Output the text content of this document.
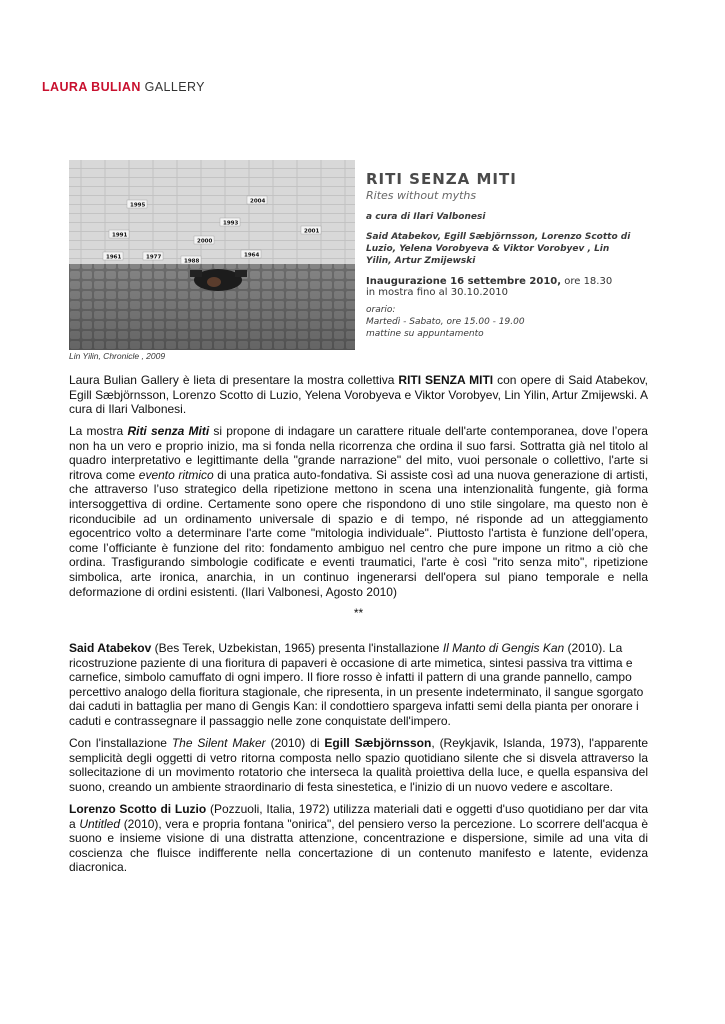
LAURA BULIAN GALLERY
1995
2004
1993
2001
1991
2000
1961	1977
1988
1964
RITI SENZA MITI
Rites without myths
a cura di Ilari Valbonesi
Said Atabekov, Egill Sæbjörnsson, Lorenzo Scotto di Luzio, Yelena Vorobyeva & Viktor Vorobyev , Lin Yilin, Artur Zmijewski
Inaugurazione 16 settembre 2010, ore 18.30
in mostra fino al 30.10.2010
orario:
Martedì - Sabato, ore 15.00 - 19.00
mattine su appuntamento
Lin Yilin, Chronicle , 2009
Laura Bulian Gallery è lieta di presentare la mostra collettiva RITI SENZA MITI con opere di Said Atabekov, Egill Sæbjörnsson, Lorenzo Scotto di Luzio, Yelena Vorobyeva e Viktor Vorobyev, Lin Yilin, Artur Zmijewski. A cura di Ilari Valbonesi.
La mostra Riti senza Miti si propone di indagare un carattere rituale dell'arte contemporanea, dove l’opera non ha un vero e proprio inizio, ma si fonda nella ricorrenza che ordina il suo farsi. Sottratta già nel titolo al quadro interpretativo e legittimante della "grande narrazione" del mito, vuoi personale o collettivo, l'arte si ritrova come evento ritmico di una pratica auto-fondativa. Si assiste così ad una nuova generazione di artisti, che attraverso l’uso strategico della ripetizione mettono in scena una intenzionalità fungente, già forma intersoggettiva di ordine. Certamente sono opere che rispondono di uno stile singolare, ma questo non è riconducibile ad un ordinamento universale di spazio e di tempo, né risponde ad un atteggiamento egocentrico volto a determinare l'arte come "mitologia individuale". Piuttosto l'artista è funzione dell’opera, come l’officiante è funzione del rito: fondamento ambiguo nel centro che pure impone un ritmo a ciò che ordina. Trasfigurando simbologie codificate e eventi traumatici, l'arte è così "rito senza mito", ripetizione simbolica, arte ironica, anarchia, in un continuo ingenerarsi dell'opera sul piano temporale e nella deformazione di ordini esistenti. (Ilari Valbonesi, Agosto 2010)
**
Said Atabekov (Bes Terek, Uzbekistan, 1965) presenta l'installazione Il Manto di Gengis Kan (2010). La ricostruzione paziente di una fioritura di papaveri è occasione di arte mimetica, sintesi passiva tra vittima e carnefice, simbolo camuffato di ogni impero. Il fiore rosso è infatti il pattern di una grande pannello, campo percettivo analogo della fioritura stagionale, che ripresenta, in un presente indeterminato, il sangue sgorgato dai caduti in battaglia per mano di Gengis Kan: il condottiero spargeva infatti semi della pianta per onorare i caduti e contrassegnare il passaggio nelle zone conquistate dell'impero.
Con l'installazione The Silent Maker (2010) di Egill Sæbjörnsson, (Reykjavik, Islanda, 1973), l'apparente semplicità degli oggetti di vetro ritorna composta nello spazio quotidiano silente che si disvela attraverso la sollecitazione di un movimento rotatorio che interseca la qualità proiettiva della luce, e quella espansiva del suono, creando un ambiente straordinario di festa sinestetica, e l'inizio di un nuovo vedere e ascoltare.
Lorenzo Scotto di Luzio (Pozzuoli, Italia, 1972) utilizza materiali dati e oggetti d'uso quotidiano per dar vita a Untitled (2010), vera e propria fontana "onirica", del pensiero verso la percezione. Lo scorrere dell'acqua è suono e insieme visione di una distratta attenzione, concentrazione e dispersione, simile ad una vita di coscienza che fluisce indifferente nella concertazione di un contenuto manifesto e latente, evidenza diacronica.
